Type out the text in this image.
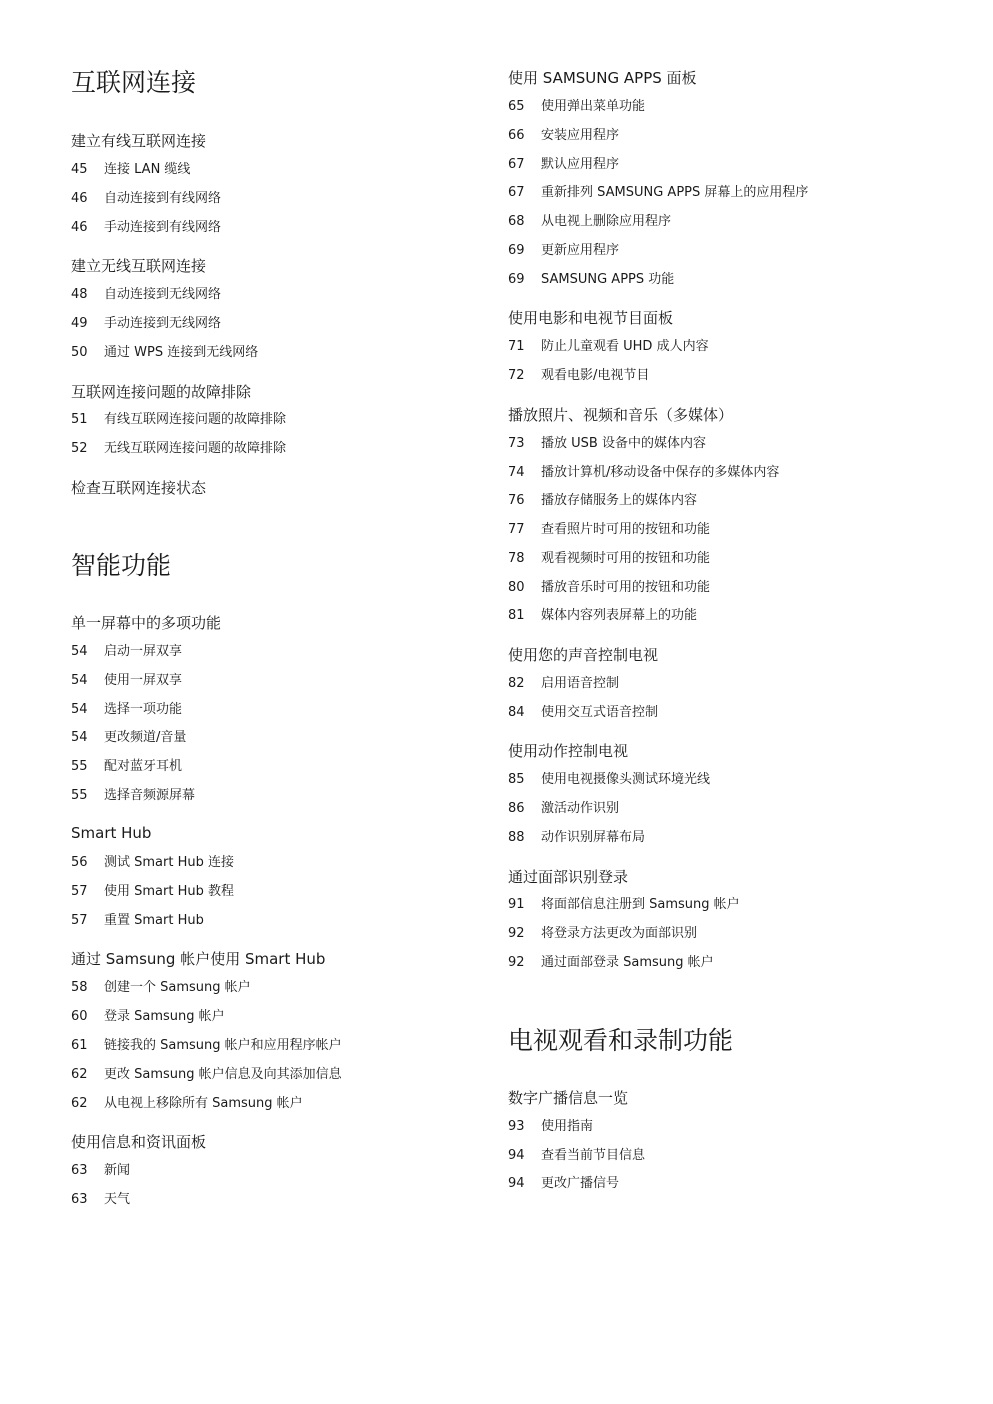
互联网连接
建立有线互联网连接
45 连接 LAN 缆线
46 自动连接到有线网络
46 手动连接到有线网络
建立无线互联网连接
48 自动连接到无线网络
49 手动连接到无线网络
50 通过 WPS 连接到无线网络
互联网连接问题的故障排除
51 有线互联网连接问题的故障排除
52 无线互联网连接问题的故障排除
检查互联网连接状态
智能功能
单一屏幕中的多项功能
54 启动一屏双享
54 使用一屏双享
54 选择一项功能
54 更改频道/音量
55 配对蓝牙耳机
55 选择音频源屏幕
Smart Hub
56 测试 Smart Hub 连接
57 使用 Smart Hub 教程
57 重置 Smart Hub
通过 Samsung 帐户使用 Smart Hub
58 创建一个 Samsung 帐户
60 登录 Samsung 帐户
61 链接我的 Samsung 帐户和应用程序帐户
62 更改 Samsung 帐户信息及向其添加信息
62 从电视上移除所有 Samsung 帐户
使用信息和资讯面板
63 新闻
63 天气
使用 SAMSUNG APPS 面板
65 使用弹出菜单功能
66 安装应用程序
67 默认应用程序
67 重新排列 SAMSUNG APPS 屏幕上的应用程序
68 从电视上删除应用程序
69 更新应用程序
69 SAMSUNG APPS 功能
使用电影和电视节目面板
71 防止儿童观看 UHD 成人内容
72 观看电影/电视节目
播放照片、视频和音乐（多媒体）
73 播放 USB 设备中的媒体内容
74 播放计算机/移动设备中保存的多媒体内容
76 播放存储服务上的媒体内容
77 查看照片时可用的按钮和功能
78 观看视频时可用的按钮和功能
80 播放音乐时可用的按钮和功能
81 媒体内容列表屏幕上的功能
使用您的声音控制电视
82 启用语音控制
84 使用交互式语音控制
使用动作控制电视
85 使用电视摄像头测试环境光线
86 激活动作识别
88 动作识别屏幕布局
通过面部识别登录
91 将面部信息注册到 Samsung 帐户
92 将登录方法更改为面部识别
92 通过面部登录 Samsung 帐户
电视观看和录制功能
数字广播信息一览
93 使用指南
94 查看当前节目信息
94 更改广播信号
